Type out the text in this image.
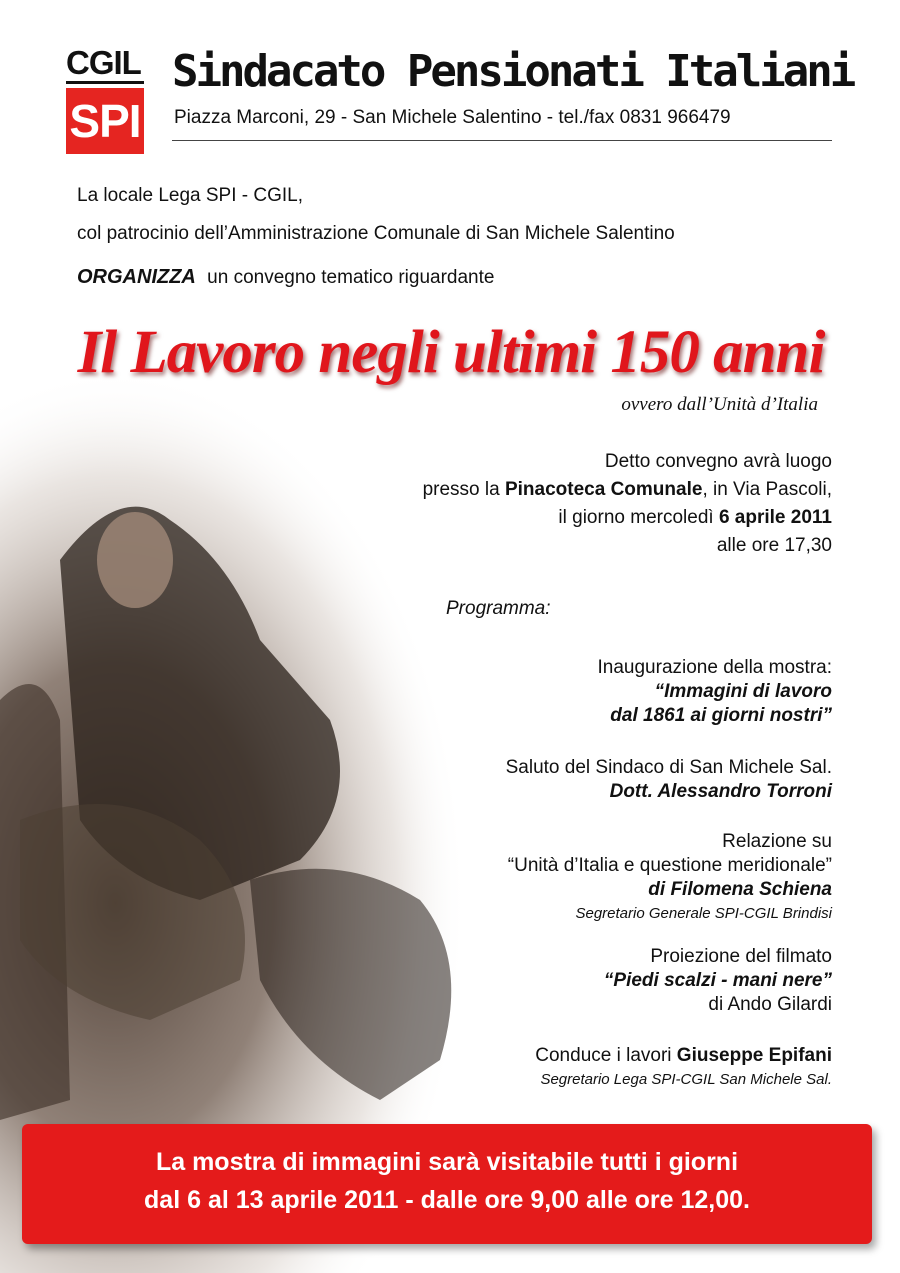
CGIL
SPI
Sindacato Pensionati Italiani
Piazza Marconi, 29 - San Michele Salentino - tel./fax 0831 966479
La locale Lega SPI - CGIL,
col patrocinio dell’Amministrazione Comunale di San Michele Salentino
ORGANIZZA un convegno tematico riguardante
Il Lavoro negli ultimi 150 anni
ovvero dall’Unità d’Italia
Detto convegno avrà luogo
presso la Pinacoteca Comunale, in Via Pascoli,
il giorno mercoledì 6 aprile 2011
alle ore 17,30
Programma:
Inaugurazione della mostra:
“Immagini di lavoro
dal 1861 ai giorni nostri”
Saluto del Sindaco di San Michele Sal.
Dott. Alessandro Torroni
Relazione su
“Unità d’Italia e questione meridionale”
di Filomena Schiena
Segretario Generale SPI-CGIL Brindisi
Proiezione del filmato
“Piedi scalzi - mani nere”
di Ando Gilardi
Conduce i lavori Giuseppe Epifani
Segretario Lega SPI-CGIL San Michele Sal.
La mostra di immagini sarà visitabile tutti i giorni
dal 6 al 13 aprile 2011 - dalle ore 9,00 alle ore 12,00.
